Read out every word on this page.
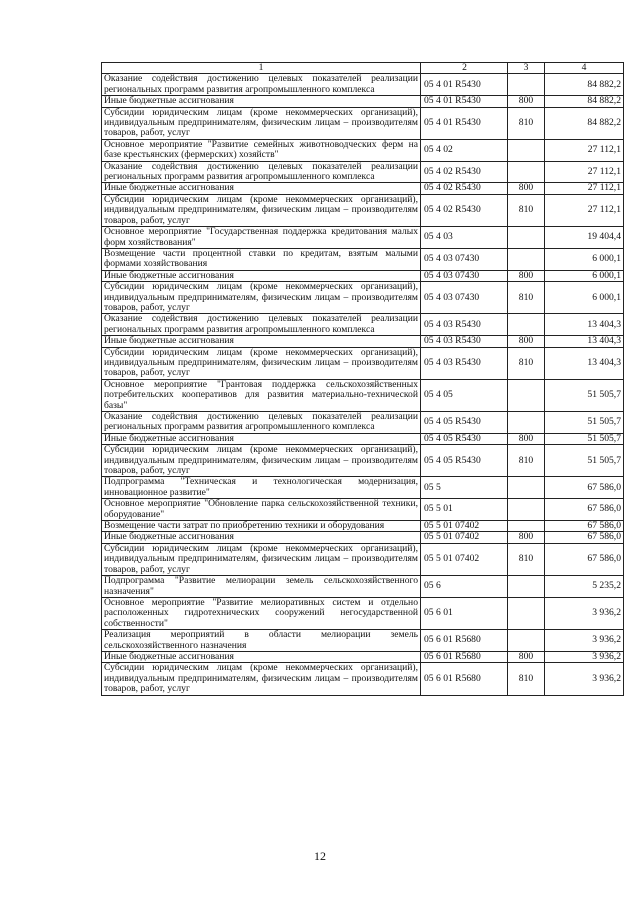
1	2	3	4
Оказание содействия достижению целевых показателей реализации региональных программ развития агропромышленного комплекса	05 4 01 R5430		84 882,2
Иные бюджетные ассигнования	05 4 01 R5430	800	84 882,2
Субсидии юридическим лицам (кроме некоммерческих организаций), индивидуальным предпринимателям, физическим лицам – производителям товаров, работ, услуг	05 4 01 R5430	810	84 882,2
Основное мероприятие "Развитие семейных животноводческих ферм на базе крестьянских (фермерских) хозяйств"	05 4 02		27 112,1
Оказание содействия достижению целевых показателей реализации региональных программ развития агропромышленного комплекса	05 4 02 R5430		27 112,1
Иные бюджетные ассигнования	05 4 02 R5430	800	27 112,1
Субсидии юридическим лицам (кроме некоммерческих организаций), индивидуальным предпринимателям, физическим лицам – производителям товаров, работ, услуг	05 4 02 R5430	810	27 112,1
Основное мероприятие "Государственная поддержка кредитования малых форм хозяйствования"	05 4 03		19 404,4
Возмещение части процентной ставки по кредитам, взятым малыми формами хозяйствования	05 4 03 07430		6 000,1
Иные бюджетные ассигнования	05 4 03 07430	800	6 000,1
Субсидии юридическим лицам (кроме некоммерческих организаций), индивидуальным предпринимателям, физическим лицам – производителям товаров, работ, услуг	05 4 03 07430	810	6 000,1
Оказание содействия достижению целевых показателей реализации региональных программ развития агропромышленного комплекса	05 4 03 R5430		13 404,3
Иные бюджетные ассигнования	05 4 03 R5430	800	13 404,3
Субсидии юридическим лицам (кроме некоммерческих организаций), индивидуальным предпринимателям, физическим лицам – производителям товаров, работ, услуг	05 4 03 R5430	810	13 404,3
Основное мероприятие "Грантовая поддержка сельскохозяйственных потребительских кооперативов для развития материально-технической базы"	05 4 05		51 505,7
Оказание содействия достижению целевых показателей реализации региональных программ развития агропромышленного комплекса	05 4 05 R5430		51 505,7
Иные бюджетные ассигнования	05 4 05 R5430	800	51 505,7
Субсидии юридическим лицам (кроме некоммерческих организаций), индивидуальным предпринимателям, физическим лицам – производителям товаров, работ, услуг	05 4 05 R5430	810	51 505,7
Подпрограмма "Техническая и технологическая модернизация, инновационное развитие"	05 5		67 586,0
Основное мероприятие "Обновление парка сельскохозяйственной техники, оборудование"	05 5 01		67 586,0
Возмещение части затрат по приобретению техники и оборудования	05 5 01 07402		67 586,0
Иные бюджетные ассигнования	05 5 01 07402	800	67 586,0
Субсидии юридическим лицам (кроме некоммерческих организаций), индивидуальным предпринимателям, физическим лицам – производителям товаров, работ, услуг	05 5 01 07402	810	67 586,0
Подпрограмма "Развитие мелиорации земель сельскохозяйственного назначения"	05 6		5 235,2
Основное мероприятие "Развитие мелиоративных систем и отдельно расположенных гидротехнических сооружений негосударственной собственности"	05 6 01		3 936,2
Реализация мероприятий в области мелиорации земель сельскохозяйственного назначения	05 6 01 R5680		3 936,2
Иные бюджетные ассигнования	05 6 01 R5680	800	3 936,2
Субсидии юридическим лицам (кроме некоммерческих организаций), индивидуальным предпринимателям, физическим лицам – производителям товаров, работ, услуг	05 6 01 R5680	810	3 936,2
12
